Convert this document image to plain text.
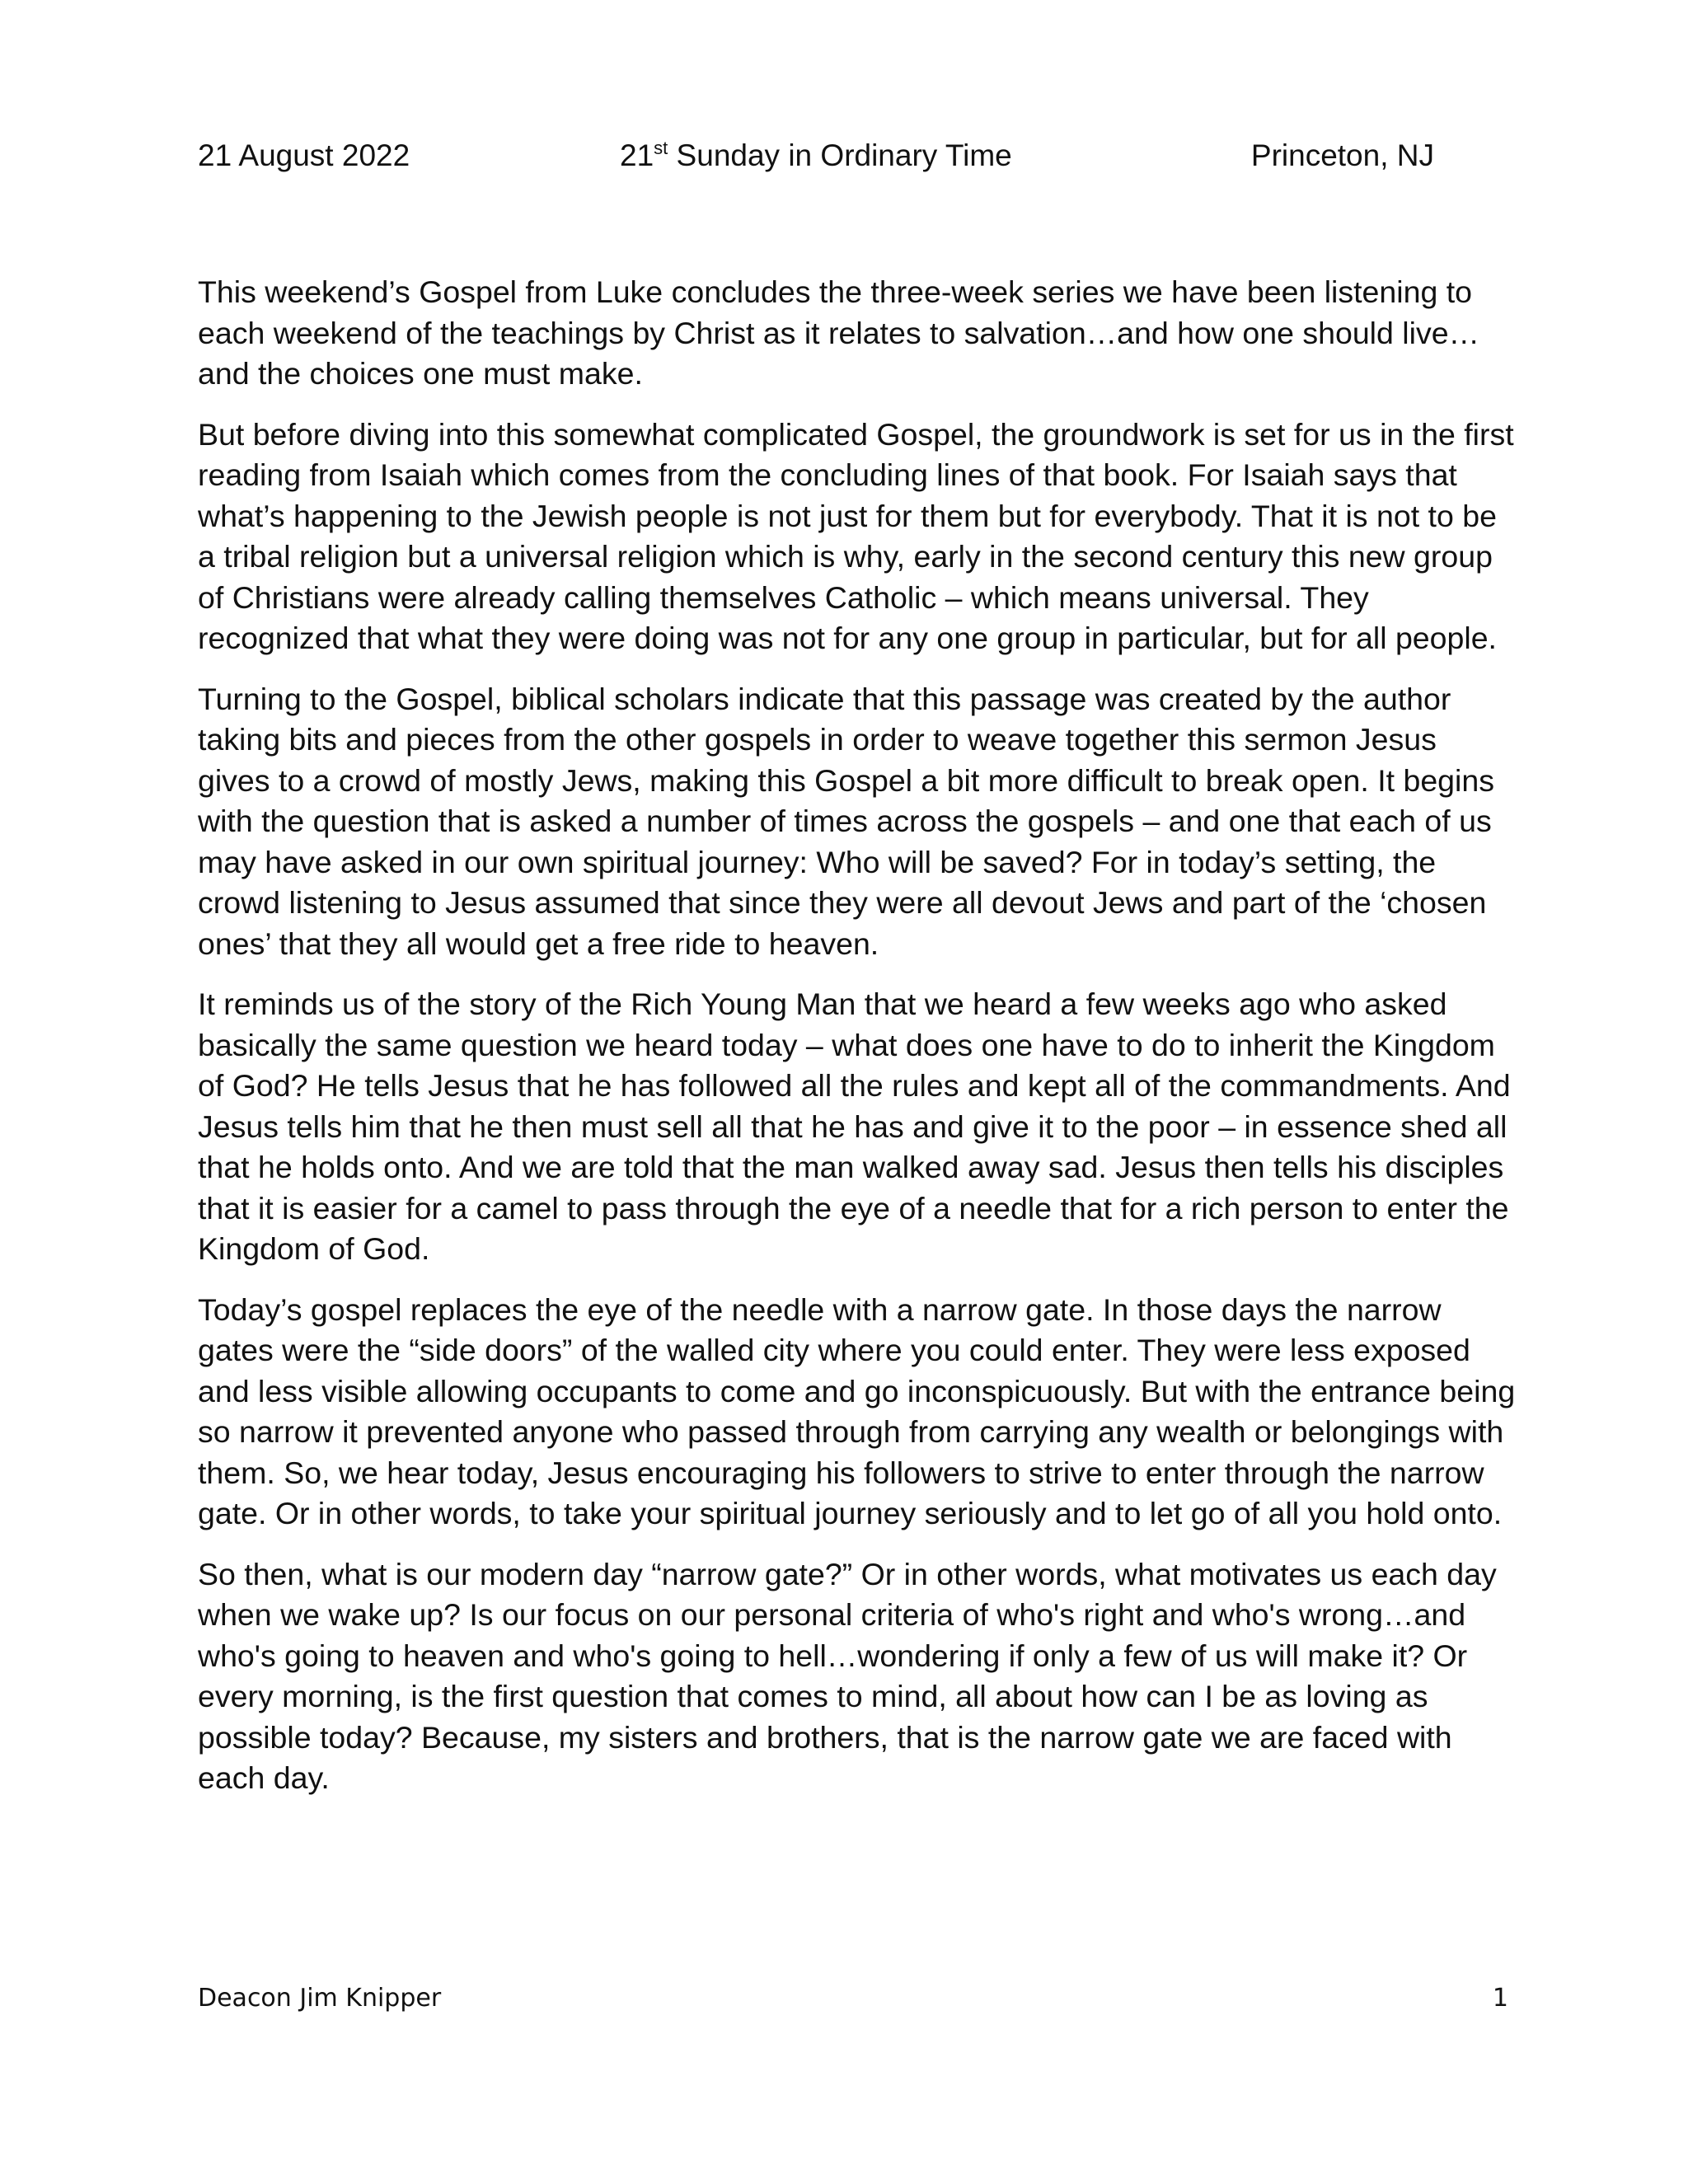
21 August 2022	21st Sunday in Ordinary Time	Princeton, NJ

This weekend’s Gospel from Luke concludes the three-week series we have been listening to each weekend of the teachings by Christ as it relates to salvation…and how one should live…and the choices one must make.

But before diving into this somewhat complicated Gospel, the groundwork is set for us in the first reading from Isaiah which comes from the concluding lines of that book. For Isaiah says that what’s happening to the Jewish people is not just for them but for everybody. That it is not to be a tribal religion but a universal religion which is why, early in the second century this new group of Christians were already calling themselves Catholic – which means universal. They recognized that what they were doing was not for any one group in particular, but for all people.

Turning to the Gospel, biblical scholars indicate that this passage was created by the author taking bits and pieces from the other gospels in order to weave together this sermon Jesus gives to a crowd of mostly Jews, making this Gospel a bit more difficult to break open. It begins with the question that is asked a number of times across the gospels – and one that each of us may have asked in our own spiritual journey: Who will be saved? For in today’s setting, the crowd listening to Jesus assumed that since they were all devout Jews and part of the ‘chosen ones’ that they all would get a free ride to heaven.

It reminds us of the story of the Rich Young Man that we heard a few weeks ago who asked basically the same question we heard today – what does one have to do to inherit the Kingdom of God? He tells Jesus that he has followed all the rules and kept all of the commandments. And Jesus tells him that he then must sell all that he has and give it to the poor – in essence shed all that he holds onto. And we are told that the man walked away sad. Jesus then tells his disciples that it is easier for a camel to pass through the eye of a needle that for a rich person to enter the Kingdom of God.

Today’s gospel replaces the eye of the needle with a narrow gate. In those days the narrow gates were the “side doors” of the walled city where you could enter. They were less exposed and less visible allowing occupants to come and go inconspicuously. But with the entrance being so narrow it prevented anyone who passed through from carrying any wealth or belongings with them. So, we hear today, Jesus encouraging his followers to strive to enter through the narrow gate. Or in other words, to take your spiritual journey seriously and to let go of all you hold onto.

So then, what is our modern day “narrow gate?” Or in other words, what motivates us each day when we wake up? Is our focus on our personal criteria of who's right and who's wrong…and who's going to heaven and who's going to hell…wondering if only a few of us will make it? Or every morning, is the first question that comes to mind, all about how can I be as loving as possible today? Because, my sisters and brothers, that is the narrow gate we are faced with each day.

Deacon Jim Knipper	1
